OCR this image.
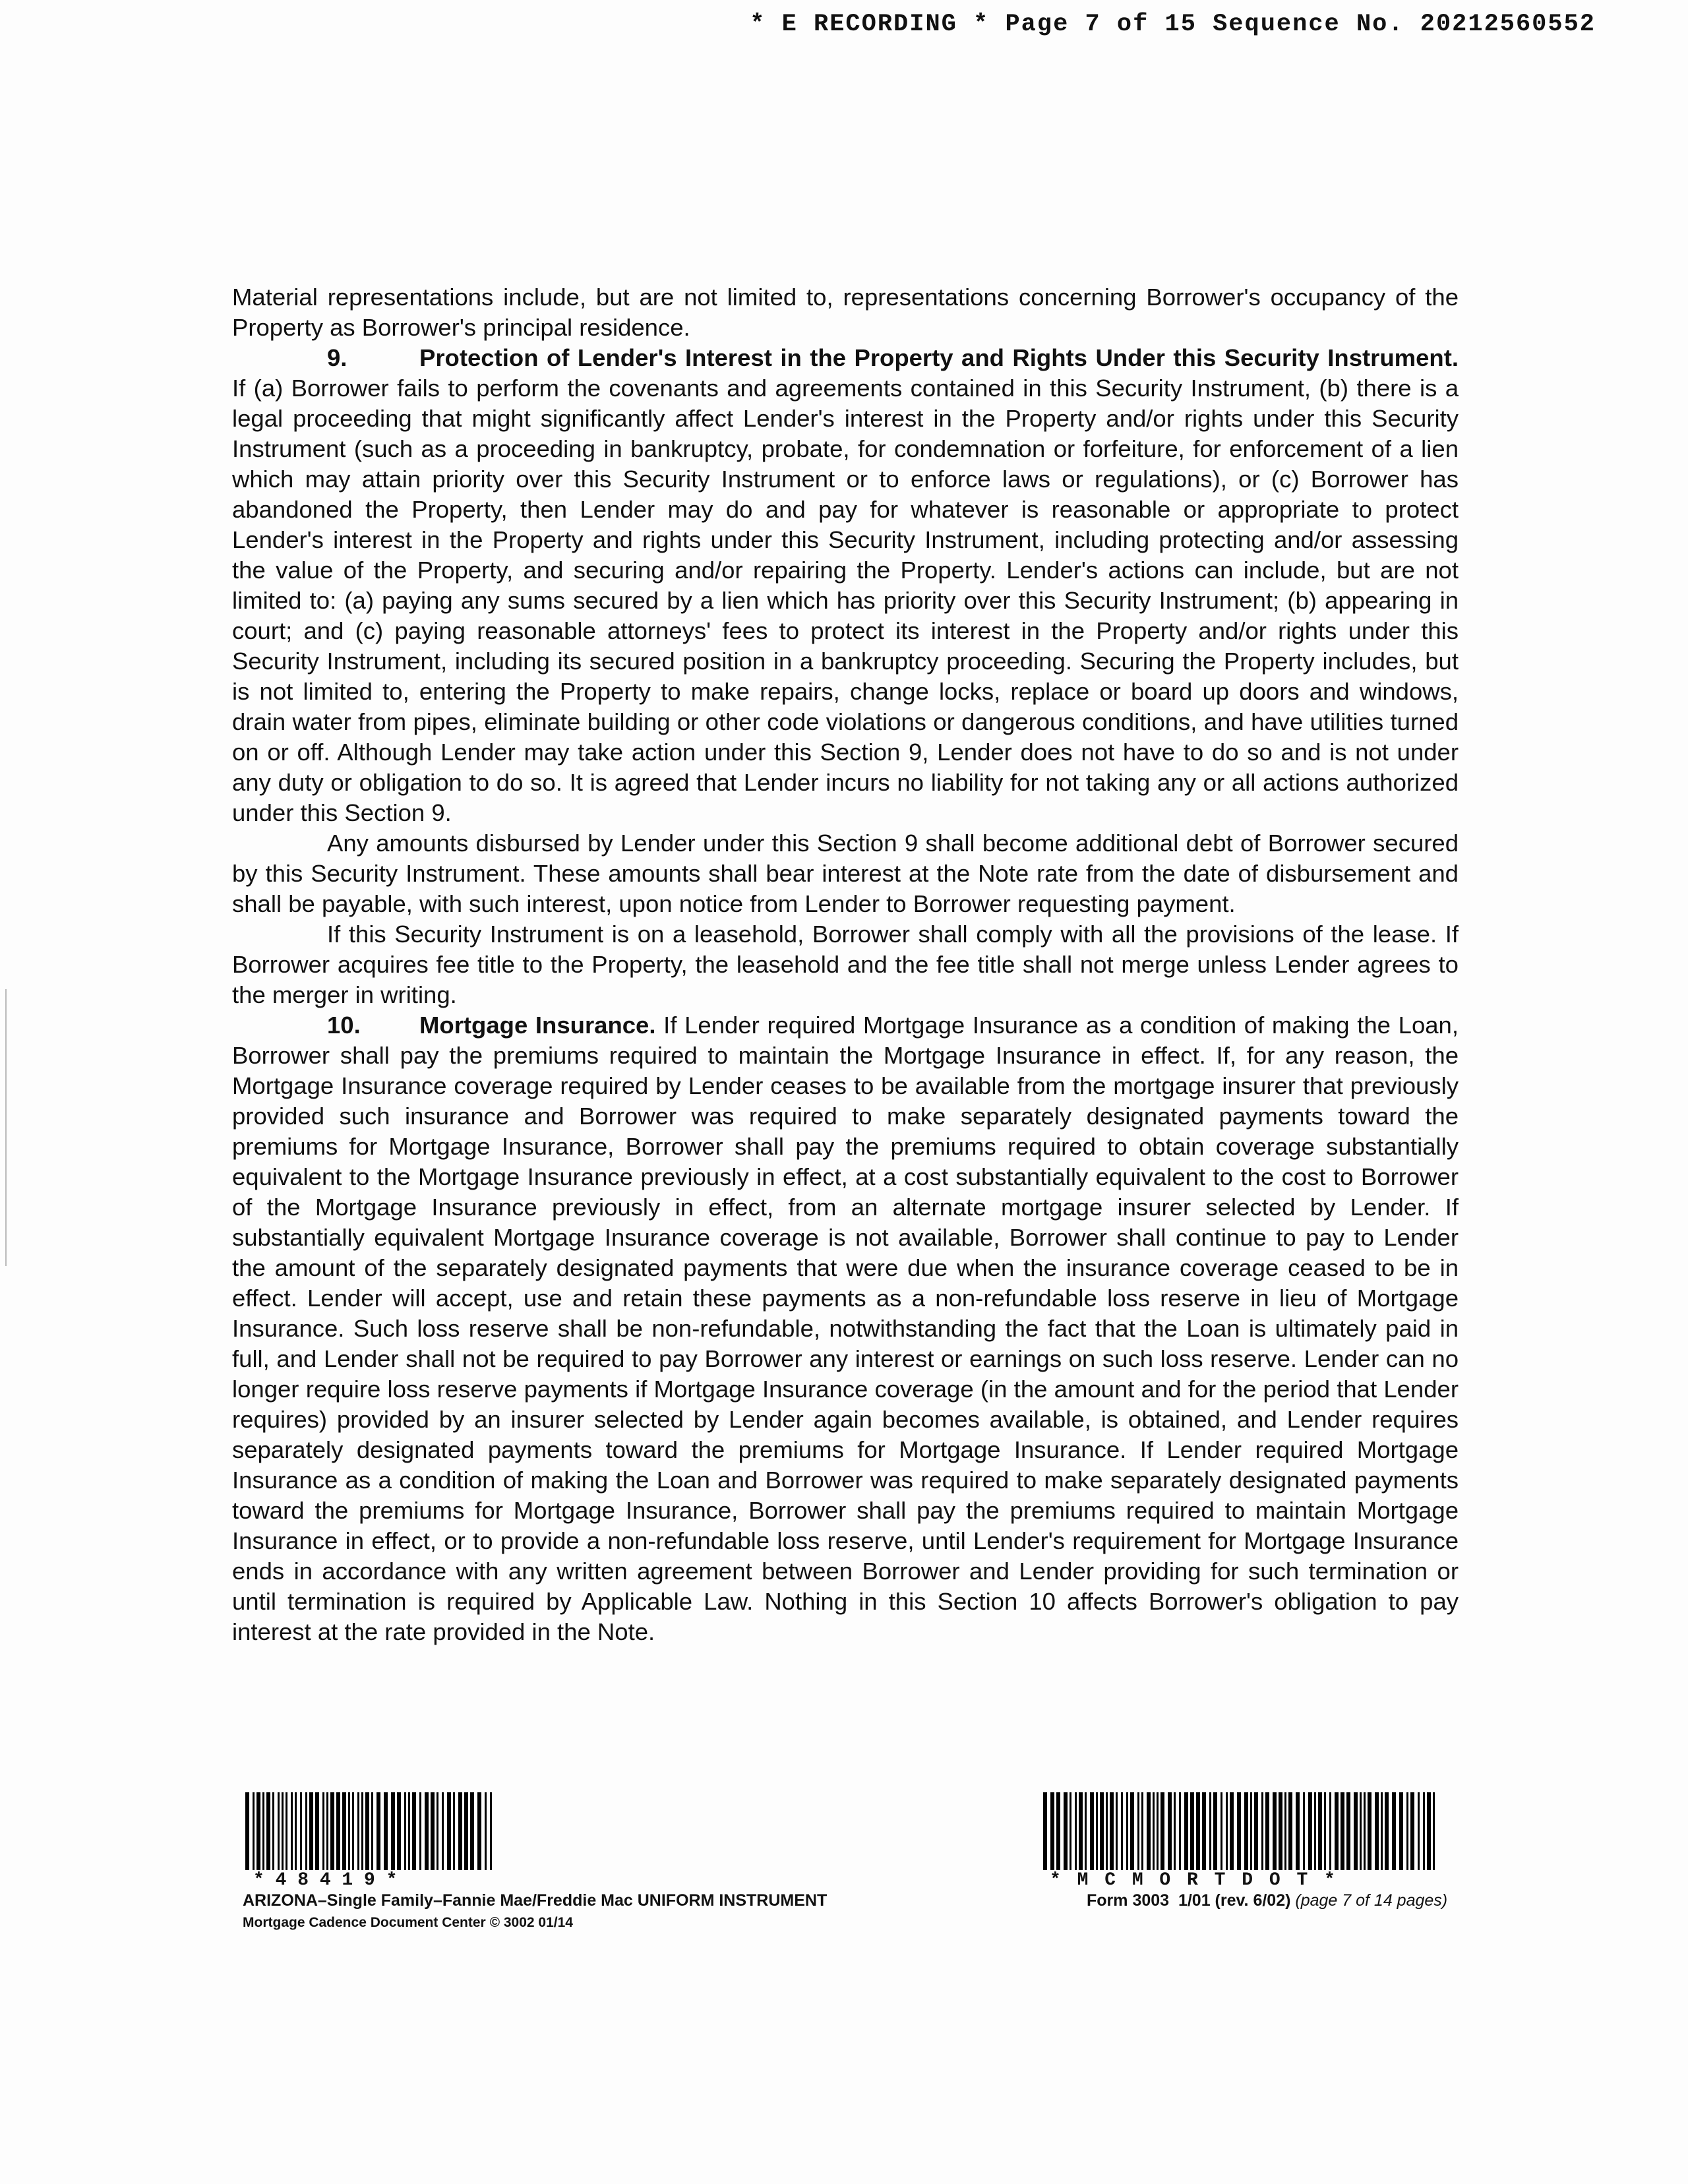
* E RECORDING * Page 7 of 15 Sequence No. 20212560552

Material representations include, but are not limited to, representations concerning Borrower's occupancy of the Property as Borrower's principal residence.

9.	Protection of Lender's Interest in the Property and Rights Under this Security Instrument. If (a) Borrower fails to perform the covenants and agreements contained in this Security Instrument, (b) there is a legal proceeding that might significantly affect Lender's interest in the Property and/or rights under this Security Instrument (such as a proceeding in bankruptcy, probate, for condemnation or forfeiture, for enforcement of a lien which may attain priority over this Security Instrument or to enforce laws or regulations), or (c) Borrower has abandoned the Property, then Lender may do and pay for whatever is reasonable or appropriate to protect Lender's interest in the Property and rights under this Security Instrument, including protecting and/or assessing the value of the Property, and securing and/or repairing the Property. Lender's actions can include, but are not limited to: (a) paying any sums secured by a lien which has priority over this Security Instrument; (b) appearing in court; and (c) paying reasonable attorneys' fees to protect its interest in the Property and/or rights under this Security Instrument, including its secured position in a bankruptcy proceeding. Securing the Property includes, but is not limited to, entering the Property to make repairs, change locks, replace or board up doors and windows, drain water from pipes, eliminate building or other code violations or dangerous conditions, and have utilities turned on or off. Although Lender may take action under this Section 9, Lender does not have to do so and is not under any duty or obligation to do so. It is agreed that Lender incurs no liability for not taking any or all actions authorized under this Section 9.

Any amounts disbursed by Lender under this Section 9 shall become additional debt of Borrower secured by this Security Instrument. These amounts shall bear interest at the Note rate from the date of disbursement and shall be payable, with such interest, upon notice from Lender to Borrower requesting payment.

If this Security Instrument is on a leasehold, Borrower shall comply with all the provisions of the lease. If Borrower acquires fee title to the Property, the leasehold and the fee title shall not merge unless Lender agrees to the merger in writing.

10. Mortgage Insurance. If Lender required Mortgage Insurance as a condition of making the Loan, Borrower shall pay the premiums required to maintain the Mortgage Insurance in effect. If, for any reason, the Mortgage Insurance coverage required by Lender ceases to be available from the mortgage insurer that previously provided such insurance and Borrower was required to make separately designated payments toward the premiums for Mortgage Insurance, Borrower shall pay the premiums required to obtain coverage substantially equivalent to the Mortgage Insurance previously in effect, at a cost substantially equivalent to the cost to Borrower of the Mortgage Insurance previously in effect, from an alternate mortgage insurer selected by Lender. If substantially equivalent Mortgage Insurance coverage is not available, Borrower shall continue to pay to Lender the amount of the separately designated payments that were due when the insurance coverage ceased to be in effect. Lender will accept, use and retain these payments as a non-refundable loss reserve in lieu of Mortgage Insurance. Such loss reserve shall be non-refundable, notwithstanding the fact that the Loan is ultimately paid in full, and Lender shall not be required to pay Borrower any interest or earnings on such loss reserve. Lender can no longer require loss reserve payments if Mortgage Insurance coverage (in the amount and for the period that Lender requires) provided by an insurer selected by Lender again becomes available, is obtained, and Lender requires separately designated payments toward the premiums for Mortgage Insurance. If Lender required Mortgage Insurance as a condition of making the Loan and Borrower was required to make separately designated payments toward the premiums for Mortgage Insurance, Borrower shall pay the premiums required to maintain Mortgage Insurance in effect, or to provide a non-refundable loss reserve, until Lender's requirement for Mortgage Insurance ends in accordance with any written agreement between Borrower and Lender providing for such termination or until termination is required by Applicable Law. Nothing in this Section 10 affects Borrower's obligation to pay interest at the rate provided in the Note.

* 4 8 4 1 9 *	* M C M O R T D O T *
ARIZONA–Single Family–Fannie Mae/Freddie Mac UNIFORM INSTRUMENT
Mortgage Cadence Document Center © 3002 01/14
Form 3003  1/01 (rev. 6/02) (page 7 of 14 pages)
